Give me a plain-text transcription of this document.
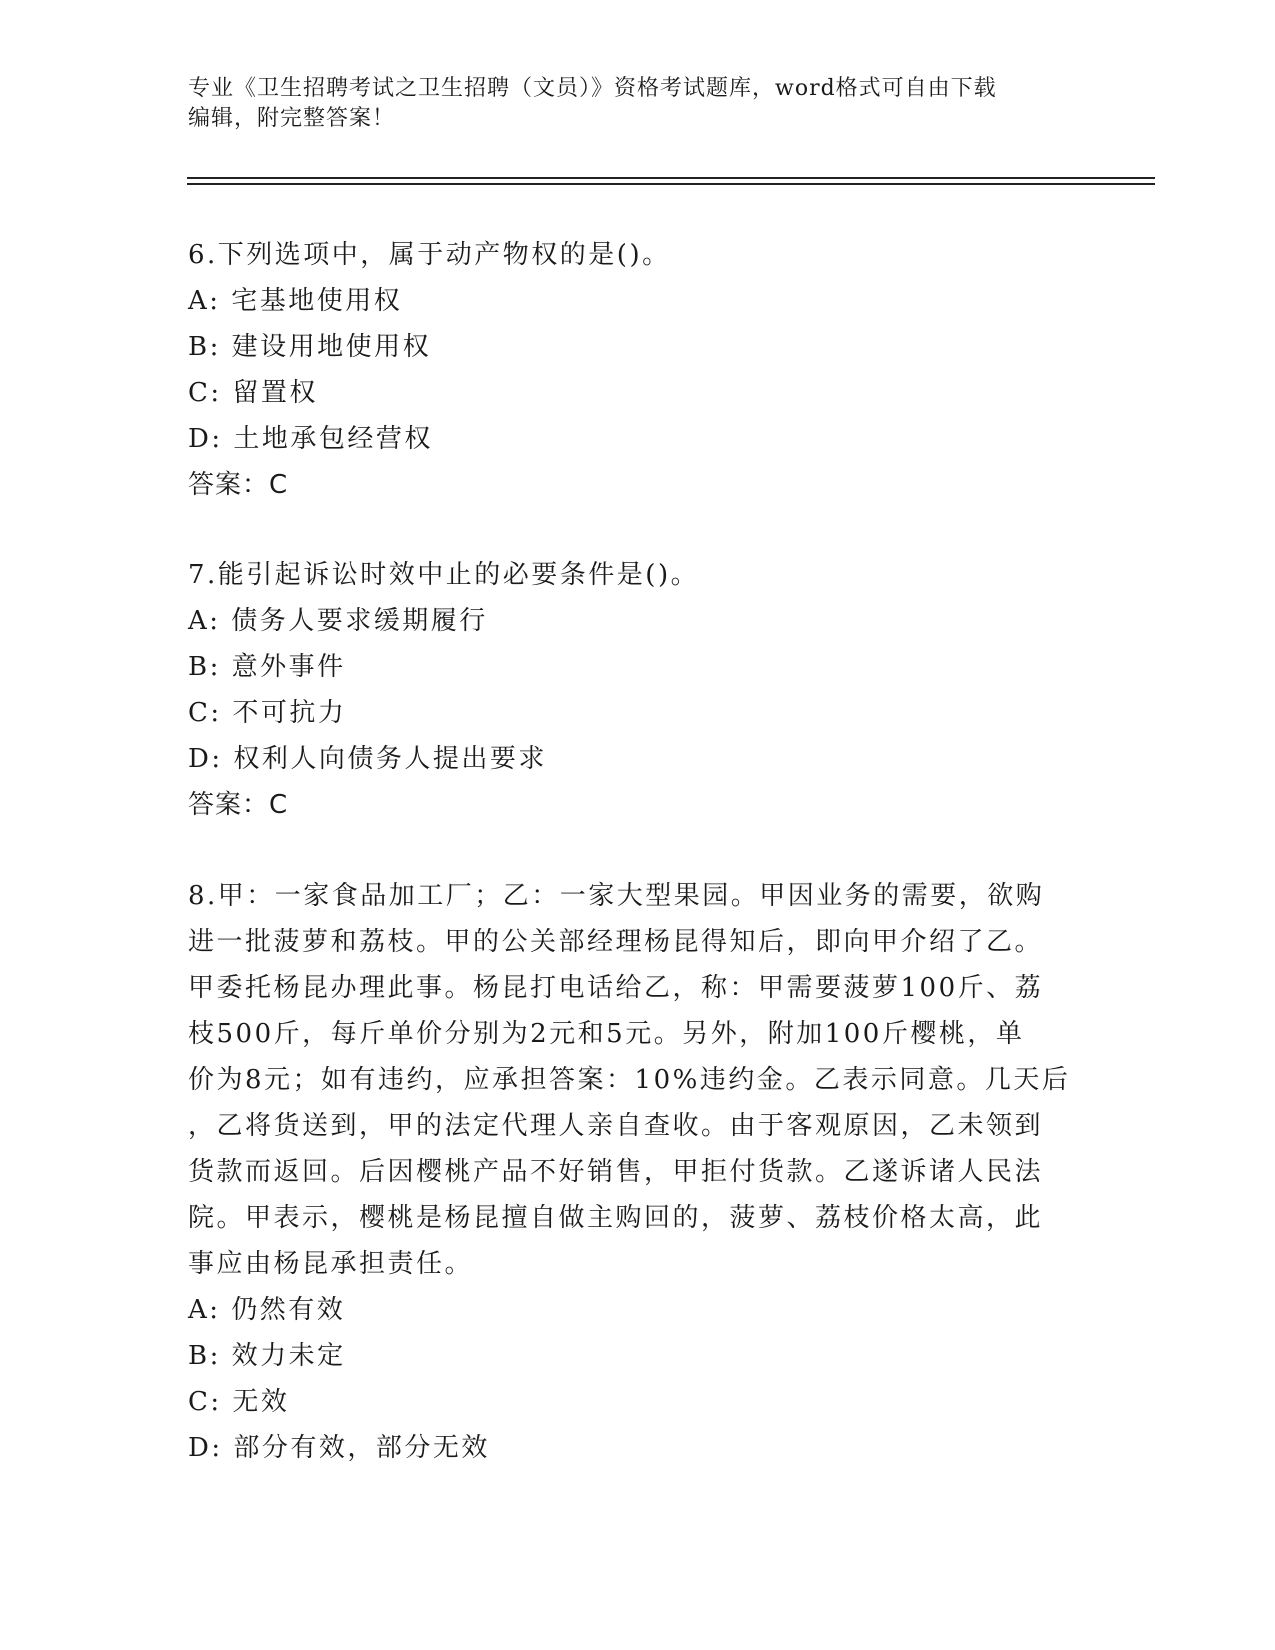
专业《卫生招聘考试之卫生招聘（文员）》资格考试题库，word格式可自由下载
编辑，附完整答案！
6.下列选项中，属于动产物权的是()。
A: 宅基地使用权
B: 建设用地使用权
C: 留置权
D: 土地承包经营权
答案：C
7.能引起诉讼时效中止的必要条件是()。
A: 债务人要求缓期履行
B: 意外事件
C: 不可抗力
D: 权利人向债务人提出要求
答案：C
8.甲：一家食品加工厂；乙：一家大型果园。甲因业务的需要，欲购
进一批菠萝和荔枝。甲的公关部经理杨昆得知后，即向甲介绍了乙。
甲委托杨昆办理此事。杨昆打电话给乙，称：甲需要菠萝100斤、荔
枝500斤，每斤单价分别为2元和5元。另外，附加100斤樱桃，单
价为8元；如有违约，应承担答案：10%违约金。乙表示同意。几天后
，乙将货送到，甲的法定代理人亲自查收。由于客观原因，乙未领到
货款而返回。后因樱桃产品不好销售，甲拒付货款。乙遂诉诸人民法
院。甲表示，樱桃是杨昆擅自做主购回的，菠萝、荔枝价格太高，此
事应由杨昆承担责任。
A: 仍然有效
B: 效力未定
C: 无效
D: 部分有效，部分无效
